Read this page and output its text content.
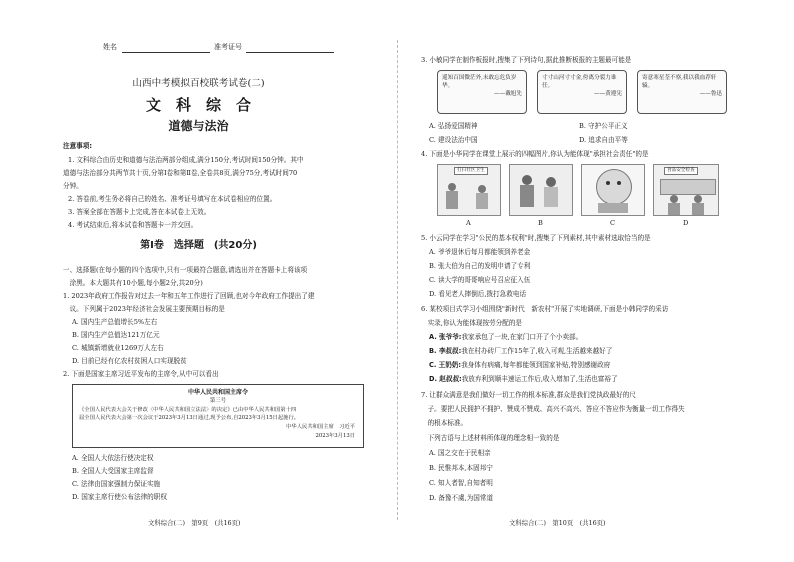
姓名	准考证号
山西中考模拟百校联考试卷(二)
文　科　综　合
道德与法治
注意事项:
1. 文科综合由历史和道德与法治两部分组成,满分150分,考试时间150分钟。其中
道德与法治部分共两节共十页,分第Ⅰ卷和第Ⅱ卷,全卷共8页,满分75分,考试时间70
分钟。
2. 答卷前,考生务必将自己的姓名、准考证号填写在本试卷相应的位置。
3. 答案全部在答题卡上完成,答在本试卷上无效。
4. 考试结束后,将本试卷和答题卡一并交回。
第Ⅰ卷　选择题　(共20分)
一、选择题(在每小题的四个选项中,只有一项最符合题意,请选出并在答题卡上将该项
　涂黑。本大题共有10小题,每小题2分,共20分)
1. 2023年政府工作报告对过去一年和五年工作进行了回顾,也对今年政府工作提出了建
　议。下列属于2023年经济社会发展主要预期目标的是
A. 国内生产总值增长5%左右
B. 国内生产总值达121万亿元
C. 城镇新增就业1269万人左右
D. 目前已经有亿农村贫困人口实现脱贫
2. 下面是国家主席习近平发布的主席令,从中可以看出
中华人民共和国主席令
第三号
《全国人民代表大会关于修改〈中华人民共和国立法法〉的决定》已由中华人民共和国第十四
届全国人民代表大会第一次会议于2023年3月13日通过,现予公布,自2023年3月15日起施行。
中华人民共和国主席　习近平
2023年3月13日
A. 全国人大依法行使决定权
B. 全国人大受国家主席监督
C. 法律由国家强制力保证实施
D. 国家主席行使公布法律的职权
文科综合(二)　第9页　(共16页)
3. 小敏同学在制作板报时,搜集了下列诗句,据此推断板报的主题最可能是
遥知百国微茫外,未敢忘危负岁华。
——戴旭先
寸寸山河寸寸金,侉离分裂力谁任。
——黄遵宪
寄意寒星荃不察,我以我血荐轩辕。
——鲁迅
A. 弘扬爱国精神	B. 守护公平正义
C. 建设法治中国	D. 追求自由平等
4. 下面是小华同学在课堂上展示的四幅图片,你认为能体现"承担社会责任"的是
打扫社区卫生	食品安全检查
A	B	C	D
5. 小云同学在学习"公民的基本权利"时,搜集了下列素材,其中素材选取恰当的是
A. 爷爷退休后每月都能领到养老金
B. 张大伯为自己的发明申请了专利
C. 读大学的哥哥响应号召应征入伍
D. 看见老人摔倒后,拨打急救电话
6. 某校项目式学习小组围绕"新时代　新农村"开展了实地调研,下面是小韩同学的采访
　实录,你认为能体现按劳分配的是
A. 张爷爷:我家承包了一块,在家门口开了个小卖部。
B. 李叔叔:我在村办砖厂工作15年了,收入可观,生活越来越好了
C. 王奶奶:我身体有病痛,每年都能领到国家补贴,特别感谢政府
D. 赵叔叔:我放弃利到顺丰速运工作后,收入增加了,生活也富裕了
7. 让群众满意是我们做好一切工作的根本标准,群众是我们党执政最好的尺
　子。要把人民拥护不拥护、赞成不赞成、高兴不高兴、答应不答应作为衡量一切工作得失
　的根本标准。
　下列古语与上述材料所体现的理念相一致的是
A. 国之交在于民相亲
B. 民惟邦本,本固邦宁
C. 知人者智,自知者明
D. 备豫不虞,为国常道
文科综合(二)　第10页　(共16页)
